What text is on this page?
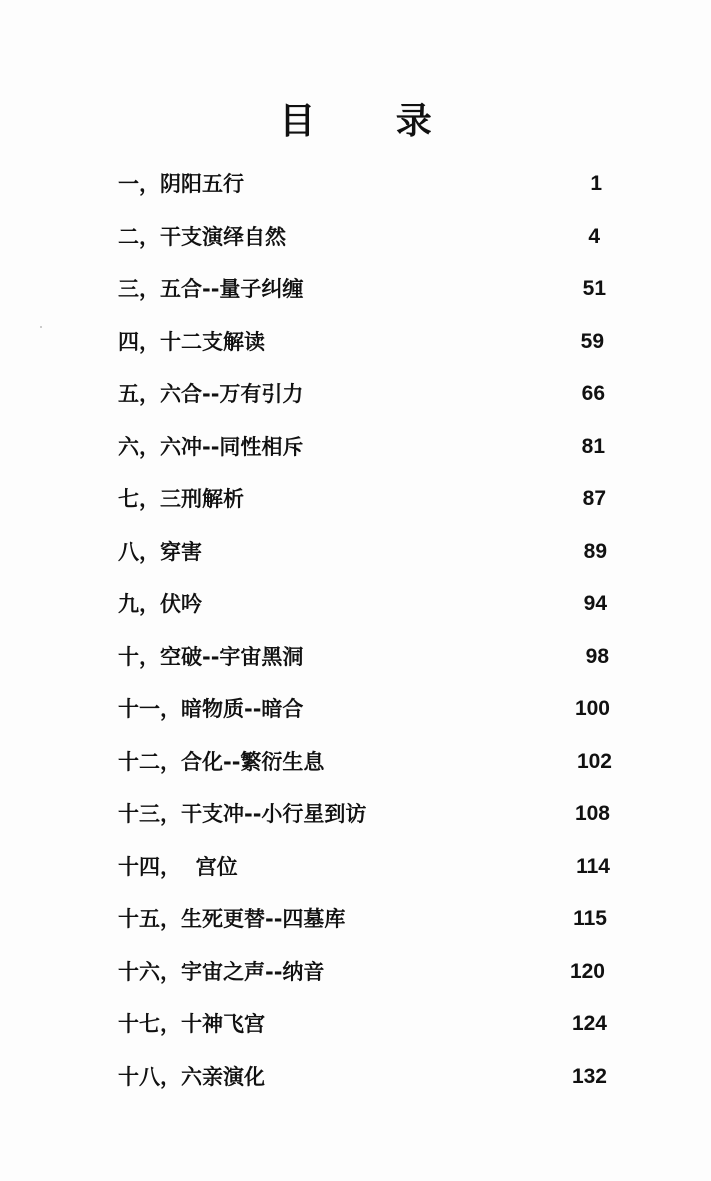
目 录
一，阴阳五行	1
二，干支演绎自然	4
三，五合--量子纠缠	51
四，十二支解读	59
五，六合--万有引力	66
六，六冲--同性相斥	81
七，三刑解析	87
八，穿害	89
九，伏吟	94
十，空破--宇宙黑洞	98
十一，暗物质--暗合	100
十二，合化--繁衍生息	102
十三，干支冲--小行星到访	108
十四，  宫位	114
十五，生死更替--四墓库	115
十六，宇宙之声--纳音	120
十七，十神飞宫	124
十八，六亲演化	132
